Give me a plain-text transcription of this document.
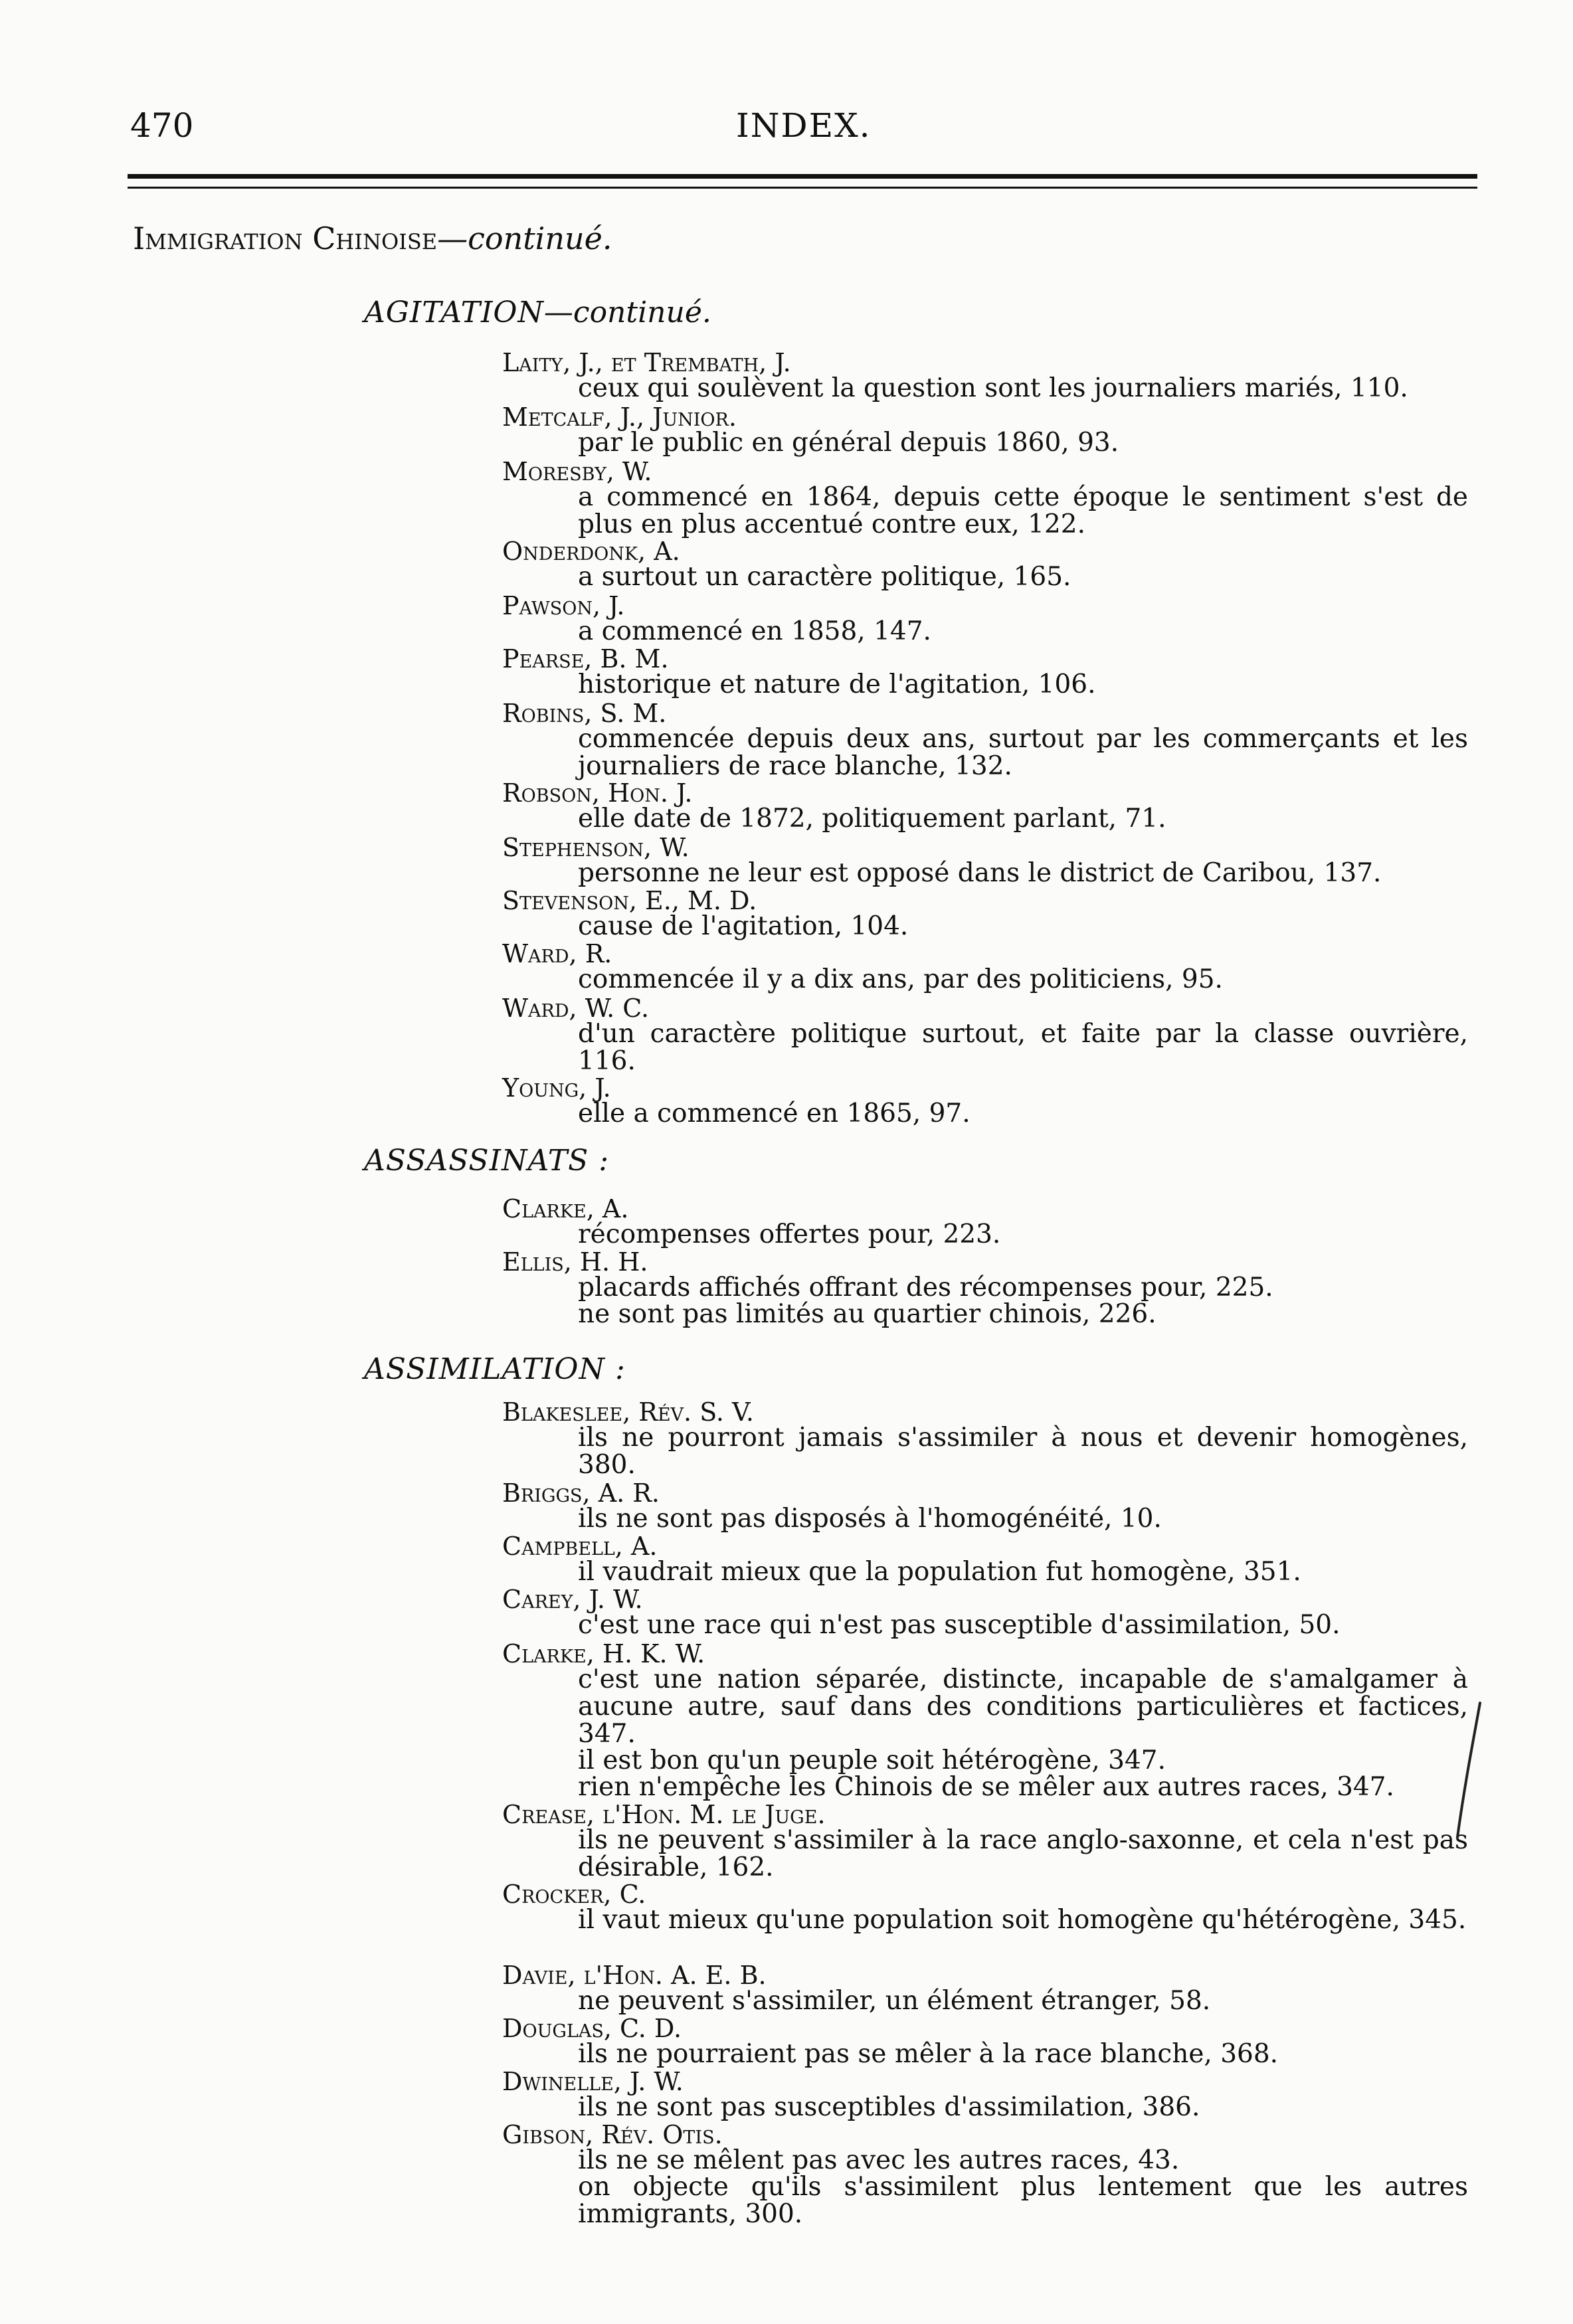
470	INDEX.
Immigration Chinoise—continué.
AGITATION—continué.
Laity, J., et Trembath, J.
ceux qui soulèvent la question sont les journaliers mariés, 110.
Metcalf, J., Junior.
par le public en général depuis 1860, 93.
Moresby, W.
a commencé en 1864, depuis cette époque le sentiment s'est de plus en plus accentué contre eux, 122.
Onderdonk, A.
a surtout un caractère politique, 165.
Pawson, J.
a commencé en 1858, 147.
Pearse, B. M.
historique et nature de l'agitation, 106.
Robins, S. M.
commencée depuis deux ans, surtout par les commerçants et les journaliers de race blanche, 132.
Robson, Hon. J.
elle date de 1872, politiquement parlant, 71.
Stephenson, W.
personne ne leur est opposé dans le district de Caribou, 137.
Stevenson, E., M. D.
cause de l'agitation, 104.
Ward, R.
commencée il y a dix ans, par des politiciens, 95.
Ward, W. C.
d'un caractère politique surtout, et faite par la classe ouvrière, 116.
Young, J.
elle a commencé en 1865, 97.
ASSASSINATS :
Clarke, A.
récompenses offertes pour, 223.
Ellis, H. H.
placards affichés offrant des récompenses pour, 225.
ne sont pas limités au quartier chinois, 226.
ASSIMILATION :
Blakeslee, Rév. S. V.
ils ne pourront jamais s'assimiler à nous et devenir homogènes, 380.
Briggs, A. R.
ils ne sont pas disposés à l'homogénéité, 10.
Campbell, A.
il vaudrait mieux que la population fut homogène, 351.
Carey, J. W.
c'est une race qui n'est pas susceptible d'assimilation, 50.
Clarke, H. K. W.
c'est une nation séparée, distincte, incapable de s'amalgamer à aucune autre, sauf dans des conditions particulières et factices, 347.
il est bon qu'un peuple soit hétérogène, 347.
rien n'empêche les Chinois de se mêler aux autres races, 347.
Crease, l'Hon. M. le Juge.
ils ne peuvent s'assimiler à la race anglo-saxonne, et cela n'est pas désirable, 162.
Crocker, C.
il vaut mieux qu'une population soit homogène qu'hétérogène, 345.
Davie, l'Hon. A. E. B.
ne peuvent s'assimiler, un élément étranger, 58.
Douglas, C. D.
ils ne pourraient pas se mêler à la race blanche, 368.
Dwinelle, J. W.
ils ne sont pas susceptibles d'assimilation, 386.
Gibson, Rév. Otis.
ils ne se mêlent pas avec les autres races, 43.
on objecte qu'ils s'assimilent plus lentement que les autres immigrants, 300.
